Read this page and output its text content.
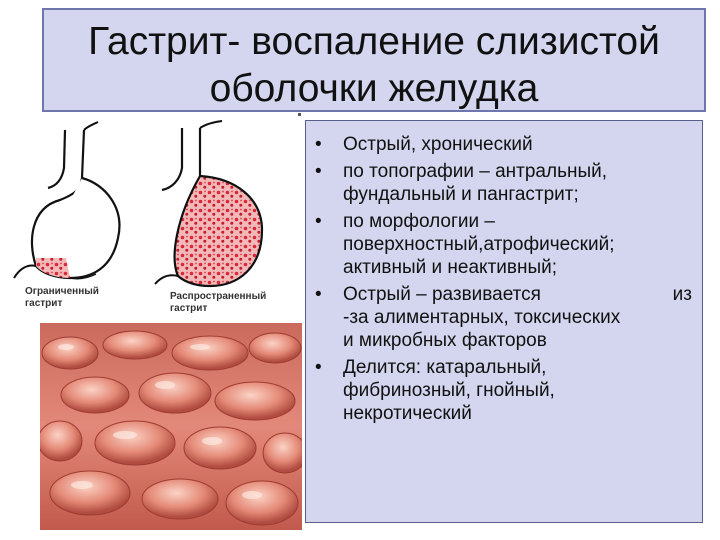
Гастрит- воспаление слизистой
оболочки желудка
Ограниченный
гастрит
Распространенный
гастрит
• Острый, хронический
• по топографии – антральный,
фундальный и пангастрит;
• по морфологии –
поверхностный,атрофический;
активный и неактивный;
• Острый – развивается	из
-за алиментарных, токсических
и микробных факторов
• Делится: катаральный,
фибринозный, гнойный,
некротический
